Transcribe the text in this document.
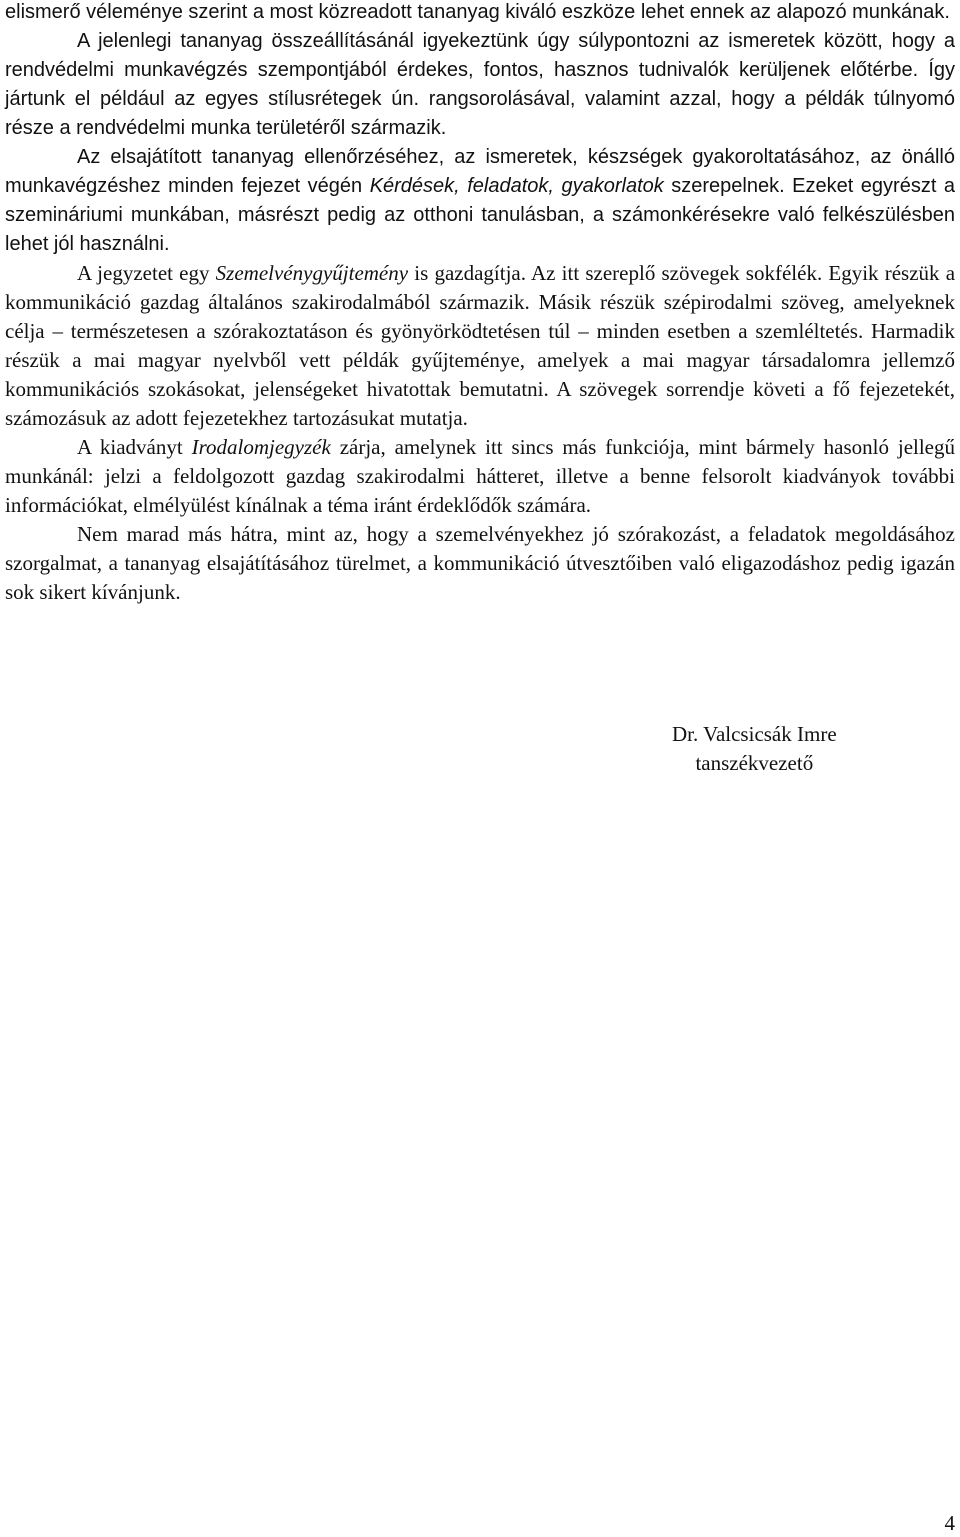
elismerő véleménye szerint a most közreadott tananyag kiváló eszköze lehet ennek az alapozó munkának.

A jelenlegi tananyag összeállításánál igyekeztünk úgy súlypontozni az ismeretek között, hogy a rendvédelmi munkavégzés szempontjából érdekes, fontos, hasznos tudnivalók kerüljenek előtérbe. Így jártunk el például az egyes stílusrétegek ún. rangsorolásával, valamint azzal, hogy a példák túlnyomó része a rendvédelmi munka területéről származik.

Az elsajátított tananyag ellenőrzéséhez, az ismeretek, készségek gyakoroltatásához, az önálló munkavégzéshez minden fejezet végén Kérdések, feladatok, gyakorlatok szerepelnek. Ezeket egyrészt a szemináriumi munkában, másrészt pedig az otthoni tanulásban, a számonkérésekre való felkészülésben lehet jól használni.

A jegyzetet egy Szemelvénygyűjtemény is gazdagítja. Az itt szereplő szövegek sokfélék. Egyik részük a kommunikáció gazdag általános szakirodalmából származik. Másik részük szépirodalmi szöveg, amelyeknek célja – természetesen a szórakoztatáson és gyönyörködtetésen túl – minden esetben a szemléltetés. Harmadik részük a mai magyar nyelvből vett példák gyűjteménye, amelyek a mai magyar társadalomra jellemző kommunikációs szokásokat, jelenségeket hivatottak bemutatni. A szövegek sorrendje követi a fő fejezetekét, számozásuk az adott fejezetekhez tartozásukat mutatja.

A kiadványt Irodalomjegyzék zárja, amelynek itt sincs más funkciója, mint bármely hasonló jellegű munkánál: jelzi a feldolgozott gazdag szakirodalmi hátteret, illetve a benne felsorolt kiadványok további információkat, elmélyülést kínálnak a téma iránt érdeklődők számára.

Nem marad más hátra, mint az, hogy a szemelvényekhez jó szórakozást, a feladatok megoldásához szorgalmat, a tananyag elsajátításához türelmet, a kommunikáció útvesztőiben való eligazodáshoz pedig igazán sok sikert kívánjunk.

Dr. Valcsicsák Imre
tanszékvezető
4
